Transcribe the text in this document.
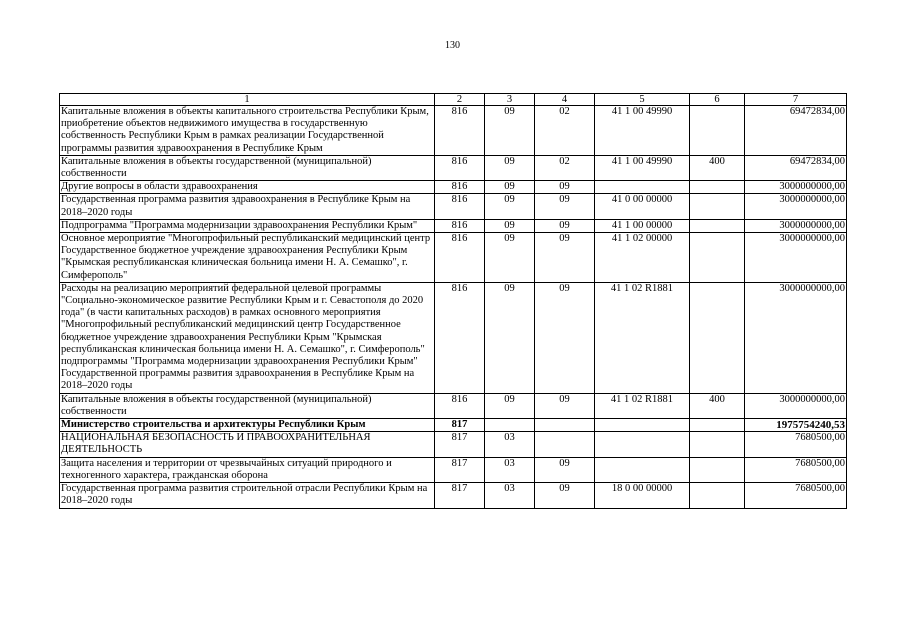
130
1	2	3	4	5	6	7
Капитальные вложения в объекты капитального строительства Республики Крым, приобретение объектов недвижимого имущества в государственную собственность Республики Крым в рамках реализации Государственной программы развития здравоохранения в Республике Крым	816	09	02	41 1 00 49990		69472834,00
Капитальные вложения в объекты государственной (муниципальной) собственности	816	09	02	41 1 00 49990	400	69472834,00
Другие вопросы в области здравоохранения	816	09	09			3000000000,00
Государственная программа развития здравоохранения в Республике Крым на 2018–2020 годы	816	09	09	41 0 00 00000		3000000000,00
Подпрограмма "Программа модернизации здравоохранения Республики Крым"	816	09	09	41 1 00 00000		3000000000,00
Основное мероприятие "Многопрофильный республиканский медицинский центр Государственное бюджетное учреждение здравоохранения Республики Крым "Крымская республиканская клиническая больница имени Н. А. Семашко", г. Симферополь"	816	09	09	41 1 02 00000		3000000000,00
Расходы на реализацию мероприятий федеральной целевой программы "Социально-экономическое развитие Республики Крым и г. Севастополя до 2020 года" (в части капитальных расходов) в рамках основного мероприятия "Многопрофильный республиканский медицинский центр Государственное бюджетное учреждение здравоохранения Республики Крым "Крымская республиканская клиническая больница имени Н. А. Семашко", г. Симферополь" подпрограммы "Программа модернизации здравоохранения Республики Крым" Государственной программы развития здравоохранения в Республике Крым на 2018–2020 годы	816	09	09	41 1 02 R1881		3000000000,00
Капитальные вложения в объекты государственной (муниципальной) собственности	816	09	09	41 1 02 R1881	400	3000000000,00
Министерство строительства и архитектуры Республики Крым	817					1975754240,53
НАЦИОНАЛЬНАЯ БЕЗОПАСНОСТЬ И ПРАВООХРАНИТЕЛЬНАЯ ДЕЯТЕЛЬНОСТЬ	817	03				7680500,00
Защита населения и территории от чрезвычайных ситуаций природного и техногенного характера, гражданская оборона	817	03	09			7680500,00
Государственная программа развития строительной отрасли Республики Крым на 2018–2020 годы	817	03	09	18 0 00 00000		7680500,00
